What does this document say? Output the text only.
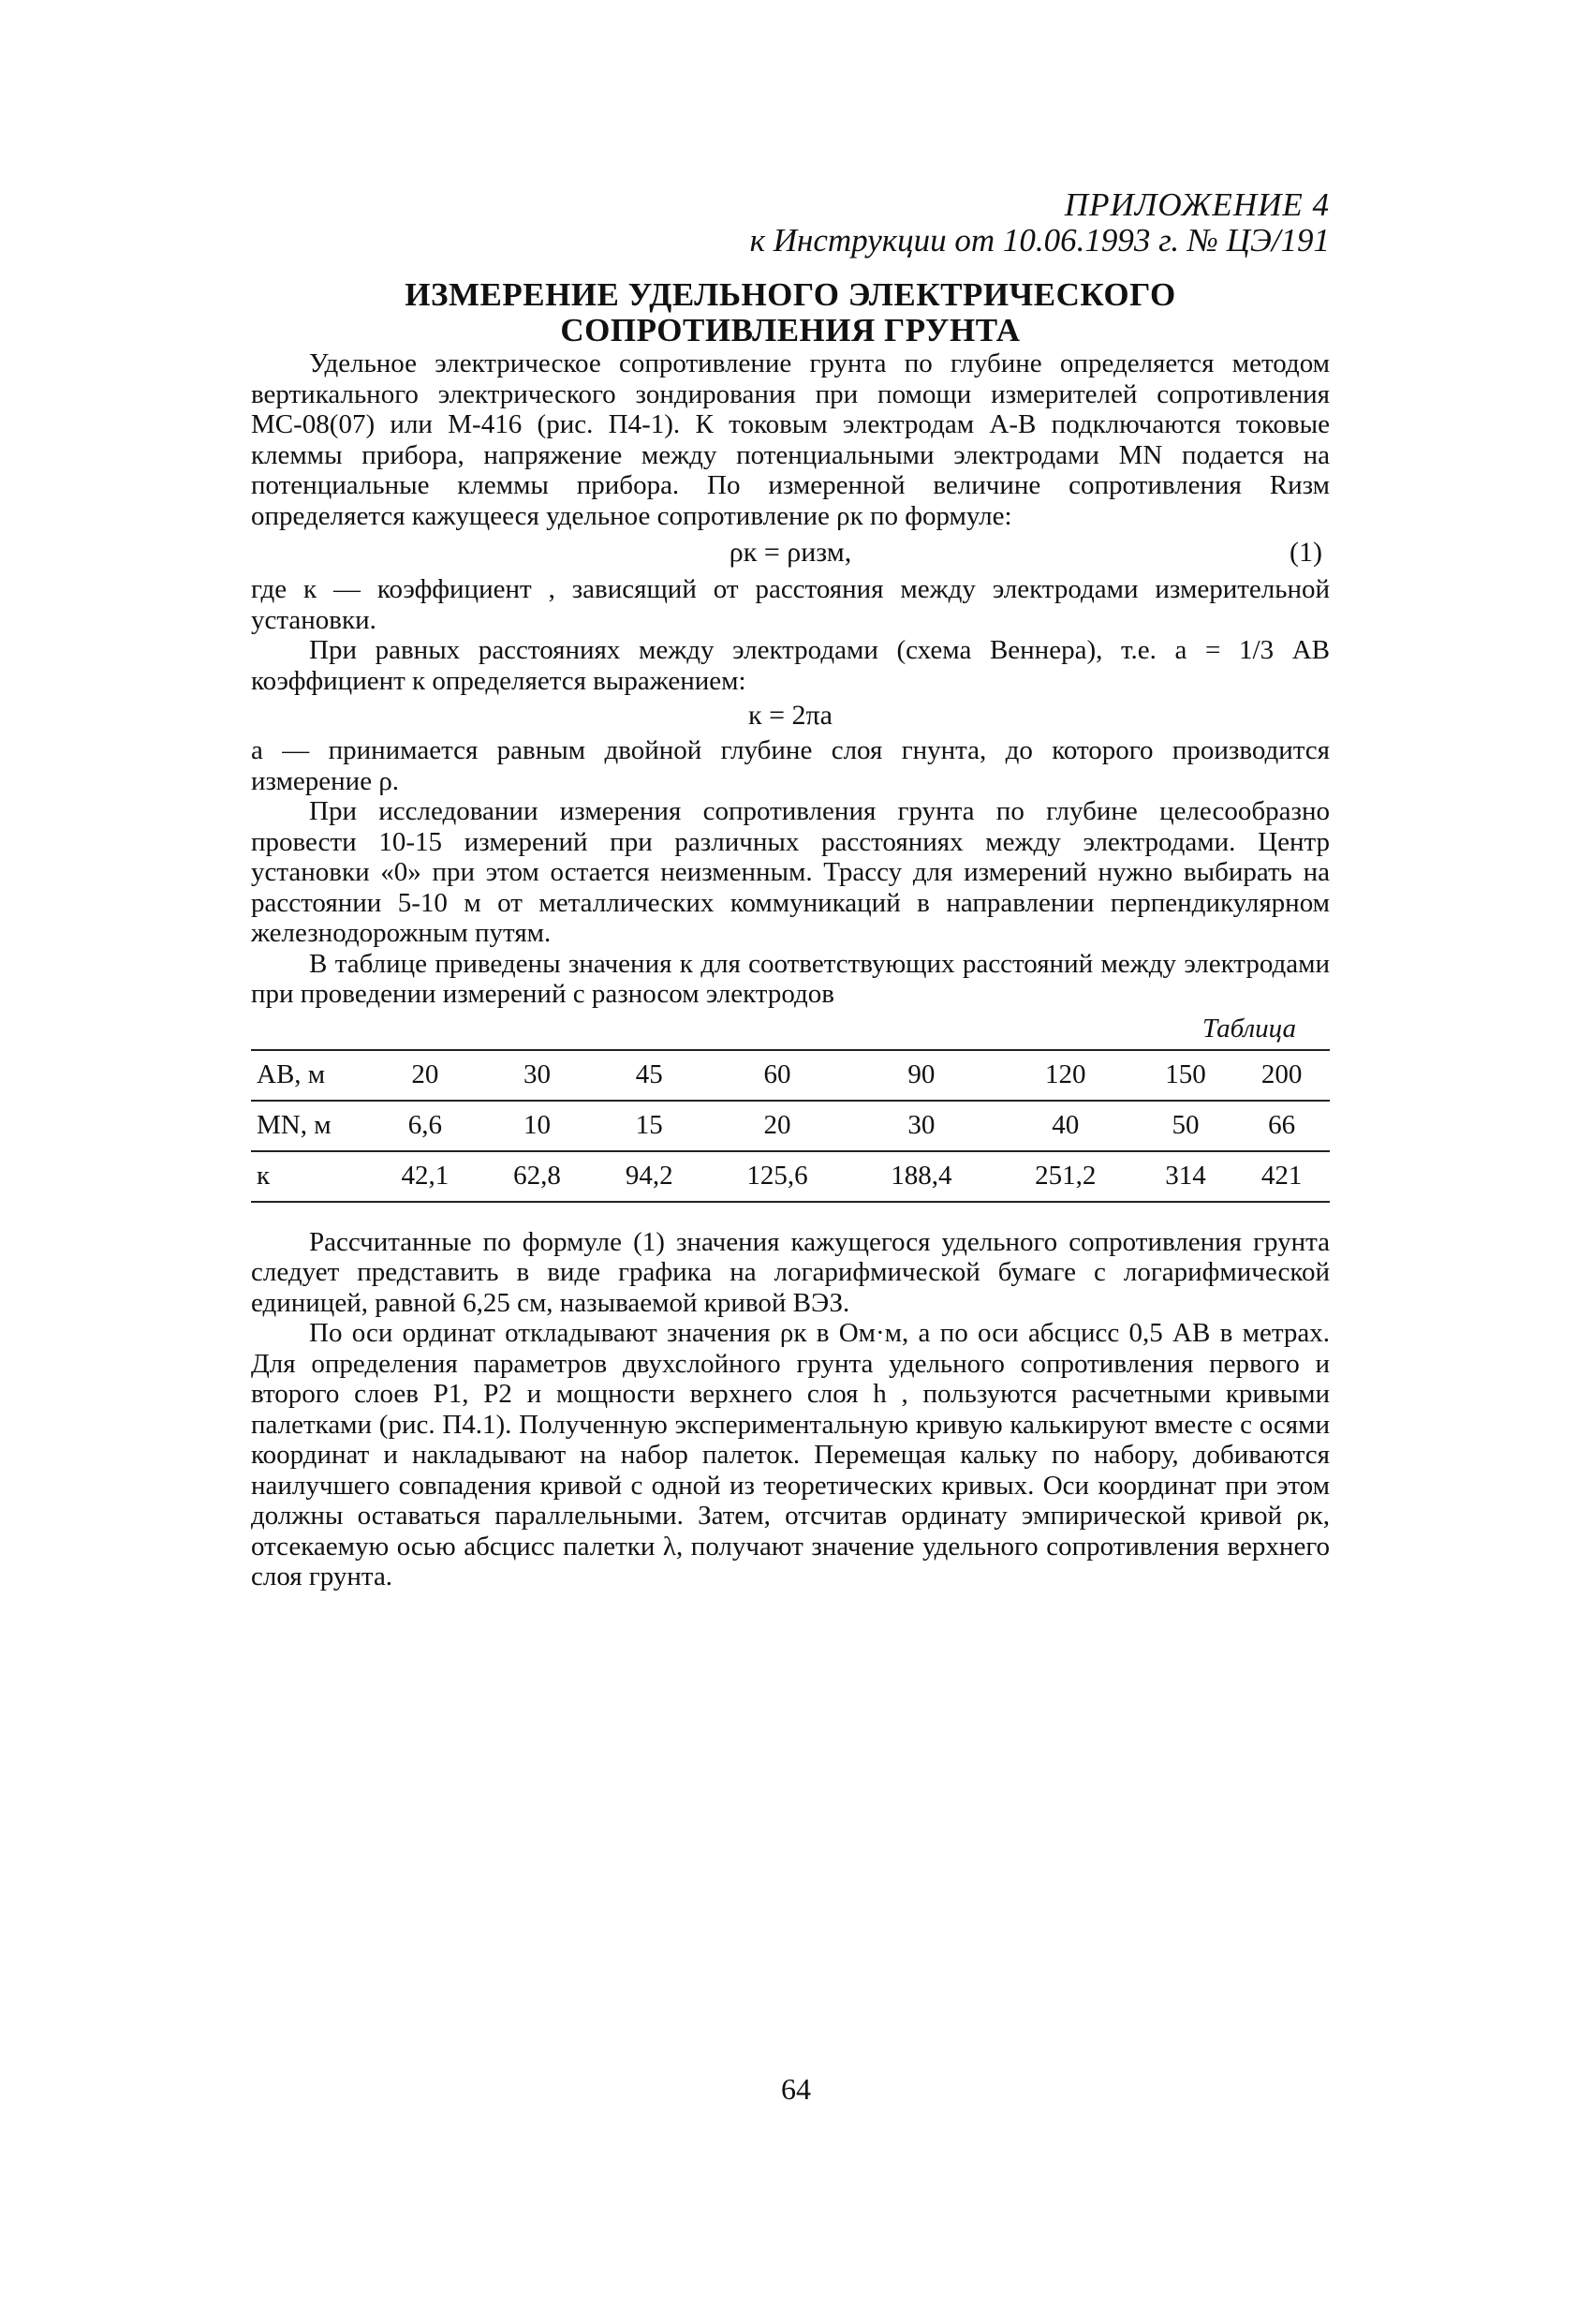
ПРИЛОЖЕНИЕ 4
к Инструкции от 10.06.1993 г. № ЦЭ/191
ИЗМЕРЕНИЕ УДЕЛЬНОГО ЭЛЕКТРИЧЕСКОГО
СОПРОТИВЛЕНИЯ ГРУНТА

Удельное электрическое сопротивление грунта по глубине определяется методом вертикального электрического зондирования при помощи измерителей сопротивления МС-08(07) или М-416 (рис. П4-1). К токовым электродам А-В подключаются токовые клеммы прибора, напряжение между потенциальными электродами MN подается на потенциальные клеммы прибора. По измеренной величине сопротивления Rизм определяется кажущееся удельное сопротивление ρк по формуле:

ρк = ρизм,	(1)

где к — коэффициент , зависящий от расстояния между электродами измерительной установки.

При равных расстояниях между электродами (схема Веннера), т.е. а = 1/3 АВ коэффициент к определяется выражением:

к = 2πа

а — принимается равным двойной глубине слоя гнунта, до которого производится измерение ρ.

При исследовании измерения сопротивления грунта по глубине целесообразно провести 10-15 измерений при различных расстояниях между электродами. Центр установки «0» при этом остается неизменным. Трассу для измерений нужно выбирать на расстоянии 5-10 м от металлических коммуникаций в направлении перпендикулярном железнодорожным путям.

В таблице приведены значения к для соответствующих расстояний между электродами при проведении измерений с разносом электродов

Таблица
АВ, м	20	30	45	60	90	120	150	200
MN, м	6,6	10	15	20	30	40	50	66
к	42,1	62,8	94,2	125,6	188,4	251,2	314	421

Рассчитанные по формуле (1) значения кажущегося удельного сопротивления грунта следует представить в виде графика на логарифмической бумаге с логарифмической единицей, равной 6,25 см, называемой кривой ВЭЗ.

По оси ординат откладывают значения ρк в Ом·м, а по оси абсцисс 0,5 АВ в метрах. Для определения параметров двухслойного грунта удельного сопротивления первого и второго слоев Р1, Р2 и мощности верхнего слоя h , пользуются расчетными кривыми палетками (рис. П4.1). Полученную экспериментальную кривую калькируют вместе с осями координат и накладывают на набор палеток. Перемещая кальку по набору, добиваются наилучшего совпадения кривой с одной из теоретических кривых. Оси координат при этом должны оставаться параллельными. Затем, отсчитав ординату эмпирической кривой ρк, отсекаемую осью абсцисс палетки λ, получают значение удельного сопротивления верхнего слоя грунта.

64
